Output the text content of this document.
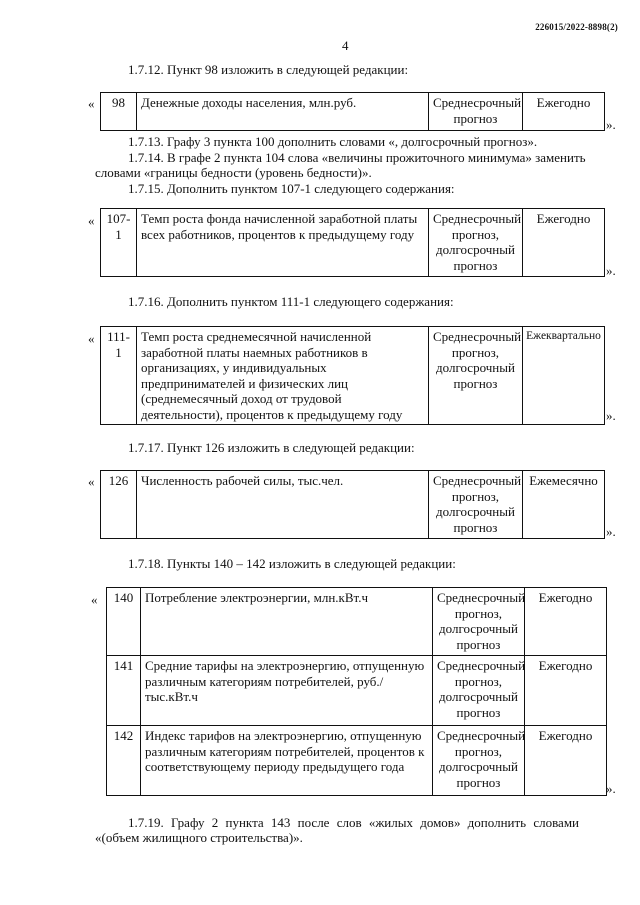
226015/2022-8898(2)
4
1.7.12. Пункт 98 изложить в следующей редакции:
« 98	Денежные доходы населения, млн.руб.	Среднесрочный прогноз	Ежегодно
».
1.7.13. Графу 3 пункта 100 дополнить словами «, долгосрочный прогноз».
1.7.14. В графе 2 пункта 104 слова «величины прожиточного минимума» заменить
словами «границы бедности (уровень бедности)».
1.7.15. Дополнить пунктом 107-1 следующего содержания:
« 107-1	Темп роста фонда начисленной заработной платы всех работников, процентов к предыдущему году	Среднесрочный прогноз, долгосрочный прогноз	Ежегодно
».
1.7.16. Дополнить пунктом 111-1 следующего содержания:
« 111-1	Темп роста среднемесячной начисленной заработной платы наемных работников в организациях, у индивидуальных предпринимателей и физических лиц (среднемесячный доход от трудовой деятельности), процентов к предыдущему году	Среднесрочный прогноз, долгосрочный прогноз	Ежеквартально
».
1.7.17. Пункт 126 изложить в следующей редакции:
« 126	Численность рабочей силы, тыс.чел.	Среднесрочный прогноз, долгосрочный прогноз	Ежемесячно
».
1.7.18. Пункты 140 – 142 изложить в следующей редакции:
« 140	Потребление электроэнергии, млн.кВт.ч	Среднесрочный прогноз, долгосрочный прогноз	Ежегодно
141	Средние тарифы на электроэнергию, отпущенную различным категориям потребителей, руб./тыс.кВт.ч	Среднесрочный прогноз, долгосрочный прогноз	Ежегодно
142	Индекс тарифов на электроэнергию, отпущенную различным категориям потребителей, процентов к соответствующему периоду предыдущего года	Среднесрочный прогноз, долгосрочный прогноз	Ежегодно
».
1.7.19. Графу 2 пункта 143 после слов «жилых домов» дополнить словами «(объем жилищного строительства)».
